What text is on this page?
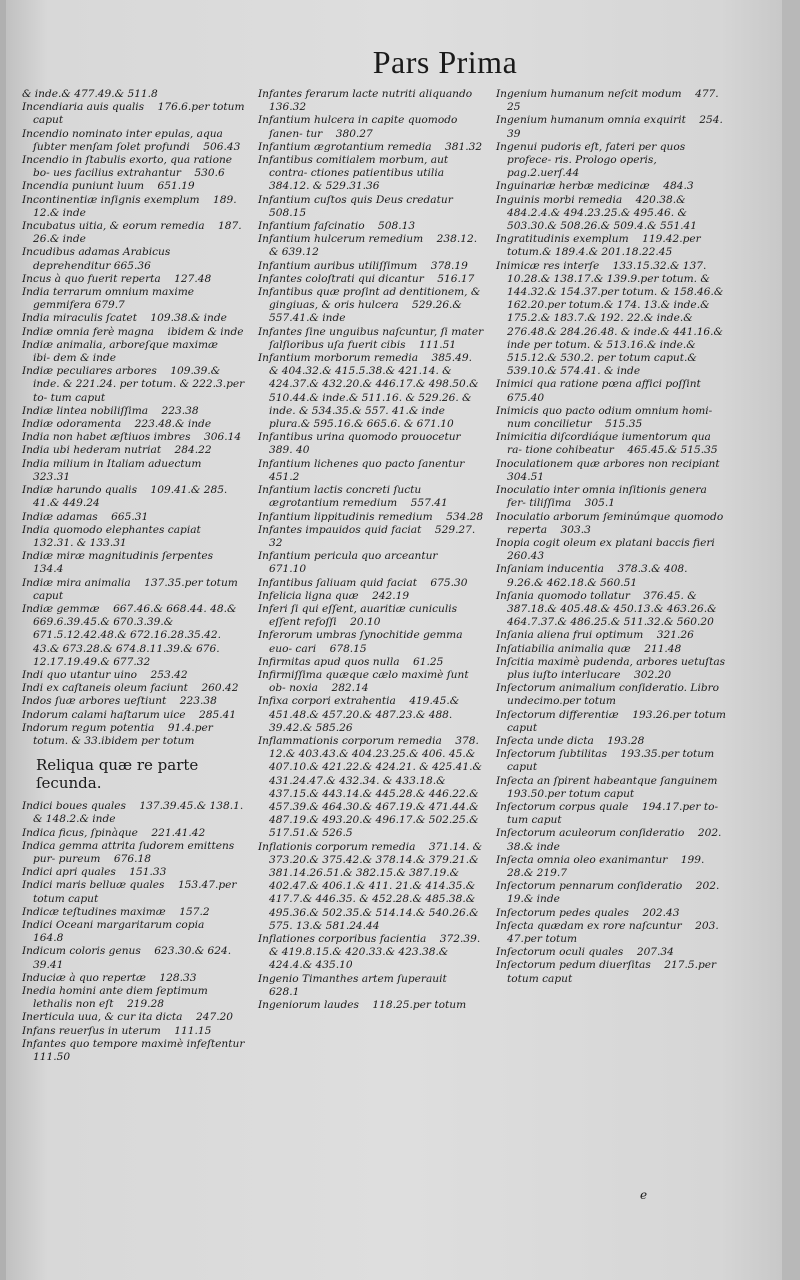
Pars Prima
& inde.& 477.49.& 511.8
Incendiaria auis qualis    176.6.per totum caput
Incendio nominato inter epulas, aqua ſubter menſam ſolet profundi    506.43
Incendio in ſtabulis exorto, qua ratione bo- ues facilius extrahantur    530.6
Incendia puniunt luum    651.19
Incontinentiæ inſignis exemplum    189. 12.& inde
Incubatus uitia, & eorum remedia    187. 26.& inde
Incudibus adamas Arabicus deprehenditur 665.36
Incus à quo fuerit reperta    127.48
India terrarum omnium maxime gemmifera 679.7
India miraculis ſcatet    109.38.& inde
Indiæ omnia ferè magna    ibidem & inde
Indiæ animalia, arboreſque maximæ    ibi- dem & inde
Indiæ peculiares arbores    109.39.& inde. & 221.24. per totum. & 222.3.per to- tum caput
Indiæ lintea nobiliſſima    223.38
Indiæ odoramenta    223.48.& inde
India non habet æſtiuos imbres    306.14
India ubi hederam nutriat    284.22
India milium in Italiam aduectum    323.31
Indiæ harundo qualis    109.41.& 285. 41.& 449.24
Indiæ adamas    665.31
India quomodo elephantes capiat    132.31. & 133.31
Indiæ miræ magnitudinis ſerpentes    134.4
Indiæ mira animalia    137.35.per totum caput
Indiæ gemmæ    667.46.& 668.44. 48.& 669.6.39.45.& 670.3.39.& 671.5.12.42.48.& 672.16.28.35.42. 43.& 673.28.& 674.8.11.39.& 676. 12.17.19.49.& 677.32
Indi quo utantur uino    253.42
Indi ex caſtaneis oleum faciunt    260.42
Indos ſuæ arbores ueſtiunt    223.38
Indorum calami haſtarum uice    285.41
Indorum regum potentia    91.4.per totum. & 33.ibidem per totum
Reliqua quæ re parte ſecunda.
Indici boues quales    137.39.45.& 138.1. & 148.2.& inde
Indica ficus, ſpinàque    221.41.42
Indica gemma attrita ſudorem emittens pur- pureum    676.18
Indici apri quales    151.33
Indici maris belluæ quales    153.47.per totum caput
Indicæ teſtudines maximæ    157.2
Indici Oceani margaritarum copia    164.8
Indicum coloris genus    623.30.& 624. 39.41
Induciæ à quo repertæ    128.33
Inedia homini ante diem ſeptimum lethalis non eſt    219.28
Inerticula uua, & cur ita dicta    247.20
Infans reuerſus in uterum    111.15
Infantes quo tempore maximè infeſtentur 111.50
Infantes ferarum lacte nutriti aliquando 136.32
Infantium hulcera in capite quomodo ſanen- tur    380.27
Infantium ægrotantium remedia    381.32
Infantibus comitialem morbum, aut contra- ctiones patientibus utilia    384.12. & 529.31.36
Infantium cuſtos quis Deus credatur    508.15
Infantium faſcinatio    508.13
Infantium hulcerum remedium    238.12. & 639.12
Infantium auribus utiliſſimum    378.19
Infantes coloſtrati qui dicantur    516.17
Infantibus quæ proſint ad dentitionem, & gingiuas, & oris hulcera    529.26.& 557.41.& inde
Infantes ſine unguibus naſcuntur, ſi mater ſalſioribus uſa fuerit cibis    111.51
Infantium morborum remedia    385.49. & 404.32.& 415.5.38.& 421.14. & 424.37.& 432.20.& 446.17.& 498.50.& 510.44.& inde.& 511.16. & 529.26. & inde. & 534.35.& 557. 41.& inde plura.& 595.16.& 665.6. & 671.10
Infantibus urina quomodo prouocetur 389. 40
Infantium lichenes quo pacto ſanentur 451.2
Infantium lactis concreti ſuctu ægrotantium remedium    557.41
Infantium lippitudinis remedium    534.28
Infantes impauidos quid faciat    529.27. 32
Infantium pericula quo arceantur    671.10
Infantibus ſaliuam quid faciat    675.30
Infelicia ligna quæ    242.19
Inferi ſi qui eſſent, auaritiæ cuniculis eſſent refoſſi    20.10
Inferorum umbras ſynochitide gemma euo- cari    678.15
Infirmitas apud quos nulla    61.25
Infirmiſſima quæque cælo maximè ſunt ob- noxia    282.14
Infixa corpori extrahentia    419.45.& 451.48.& 457.20.& 487.23.& 488. 39.42.& 585.26
Inflammationis corporum remedia    378. 12.& 403.43.& 404.23.25.& 406. 45.& 407.10.& 421.22.& 424.21. & 425.41.& 431.24.47.& 432.34. & 433.18.& 437.15.& 443.14.& 445.28.& 446.22.& 457.39.& 464.30.& 467.19.& 471.44.& 487.19.& 493.20.& 496.17.& 502.25.& 517.51.& 526.5
Inflationis corporum remedia    371.14. & 373.20.& 375.42.& 378.14.& 379.21.& 381.14.26.51.& 382.15.& 387.19.& 402.47.& 406.1.& 411. 21.& 414.35.& 417.7.& 446.35. & 452.28.& 485.38.& 495.36.& 502.35.& 514.14.& 540.26.& 575. 13.& 581.24.44
Inflationes corporibus facientia    372.39. & 419.8.15.& 420.33.& 423.38.& 424.4.& 435.10
Ingenio Timanthes artem ſuperauit    628.1
Ingeniorum laudes    118.25.per totum
Ingenium humanum neſcit modum    477. 25
Ingenium humanum omnia exquirit    254. 39
Ingenui pudoris eſt, fateri per quos profece- ris. Prologo operis,    pag.2.uerſ.44
Inguinariæ herbæ medicinæ    484.3
Inguinis morbi remedia    420.38.& 484.2.4.& 494.23.25.& 495.46. & 503.30.& 508.26.& 509.4.& 551.41
Ingratitudinis exemplum    119.42.per totum.& 189.4.& 201.18.22.45
Inimicæ res interſe    133.15.32.& 137. 10.28.& 138.17.& 139.9.per totum. & 144.32.& 154.37.per totum. & 158.46.& 162.20.per totum.& 174. 13.& inde.& 175.2.& 183.7.& 192. 22.& inde.& 276.48.& 284.26.48. & inde.& 441.16.& inde per totum. & 513.16.& inde.& 515.12.& 530.2. per totum caput.& 539.10.& 574.41. & inde
Inimici qua ratione pœna affici poſſint 675.40
Inimicis quo pacto odium omnium homi- num concilietur    515.35
Inimicitia diſcordiáque iumentorum qua ra- tione cohibeatur    465.45.& 515.35
Inoculationem quæ arbores non recipiant 304.51
Inoculatio inter omnia inſitionis genera fer- tiliſſima    305.1
Inoculatio arborum ſeminúmque quomodo reperta    303.3
Inopia cogit oleum ex platani baccis fieri 260.43
Inſaniam inducentia    378.3.& 408. 9.26.& 462.18.& 560.51
Inſania quomodo tollatur    376.45. & 387.18.& 405.48.& 450.13.& 463.26.& 464.7.37.& 486.25.& 511.32.& 560.20
Inſania aliena frui optimum    321.26
Inſatiabilia animalia quæ    211.48
Inſcitia maximè pudenda, arbores uetuſtas plus iuſto interlucare    302.20
Inſectorum animalium conſideratio. Libro undecimo.per totum
Inſectorum differentiæ    193.26.per totum caput
Inſecta unde dicta    193.28
Inſectorum ſubtilitas    193.35.per totum caput
Inſecta an ſpirent habeantque ſanguinem 193.50.per totum caput
Inſectorum corpus quale    194.17.per to- tum caput
Inſectorum aculeorum conſideratio    202. 38.& inde
Inſecta omnia oleo exanimantur    199. 28.& 219.7
Inſectorum pennarum conſideratio    202. 19.& inde
Inſectorum pedes quales    202.43
Inſecta quædam ex rore naſcuntur    203. 47.per totum
Inſectorum oculi quales    207.34
Inſectorum pedum diuerſitas    217.5.per totum caput
e
